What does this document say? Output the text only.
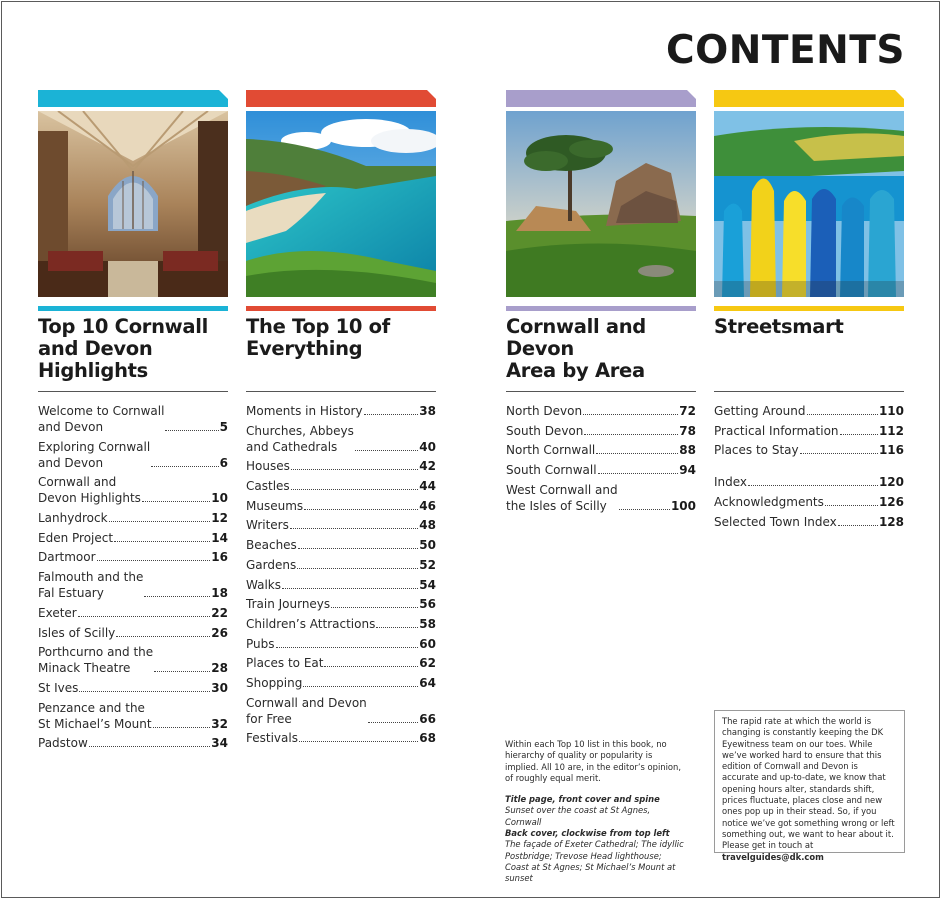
CONTENTS
Top 10 Cornwall
and Devon
Highlights
Welcome to Cornwall
and Devon	5
Exploring Cornwall
and Devon	6
Cornwall and
Devon Highlights	10
Lanhydrock	12
Eden Project	14
Dartmoor	16
Falmouth and the
Fal Estuary	18
Exeter	22
Isles of Scilly	26
Porthcurno and the
Minack Theatre	28
St Ives	30
Penzance and the
St Michael’s Mount	32
Padstow	34
The Top 10 of
Everything
Moments in History	38
Churches, Abbeys
and Cathedrals	40
Houses	42
Castles	44
Museums	46
Writers	48
Beaches	50
Gardens	52
Walks	54
Train Journeys	56
Children’s Attractions	58
Pubs	60
Places to Eat	62
Shopping	64
Cornwall and Devon
for Free	66
Festivals	68
Cornwall and Devon
Area by Area
North Devon	72
South Devon	78
North Cornwall	88
South Cornwall	94
West Cornwall and
the Isles of Scilly	100
Streetsmart
Getting Around	110
Practical Information	112
Places to Stay	116
Index	120
Acknowledgments	126
Selected Town Index	128

Within each Top 10 list in this book, no hierarchy of quality or popularity is implied. All 10 are, in the editor’s opinion, of roughly equal merit.

Title page, front cover and spine Sunset over the coast at St Agnes, Cornwall
Back cover, clockwise from top left The façade of Exeter Cathedral; The idyllic Postbridge; Trevose Head lighthouse; Coast at St Agnes; St Michael’s Mount at sunset

The rapid rate at which the world is changing is constantly keeping the DK Eyewitness team on our toes. While we’ve worked hard to ensure that this edition of Cornwall and Devon is accurate and up-to-date, we know that opening hours alter, standards shift, prices fluctuate, places close and new ones pop up in their stead. So, if you notice we’ve got something wrong or left something out, we want to hear about it. Please get in touch at travelguides@dk.com
